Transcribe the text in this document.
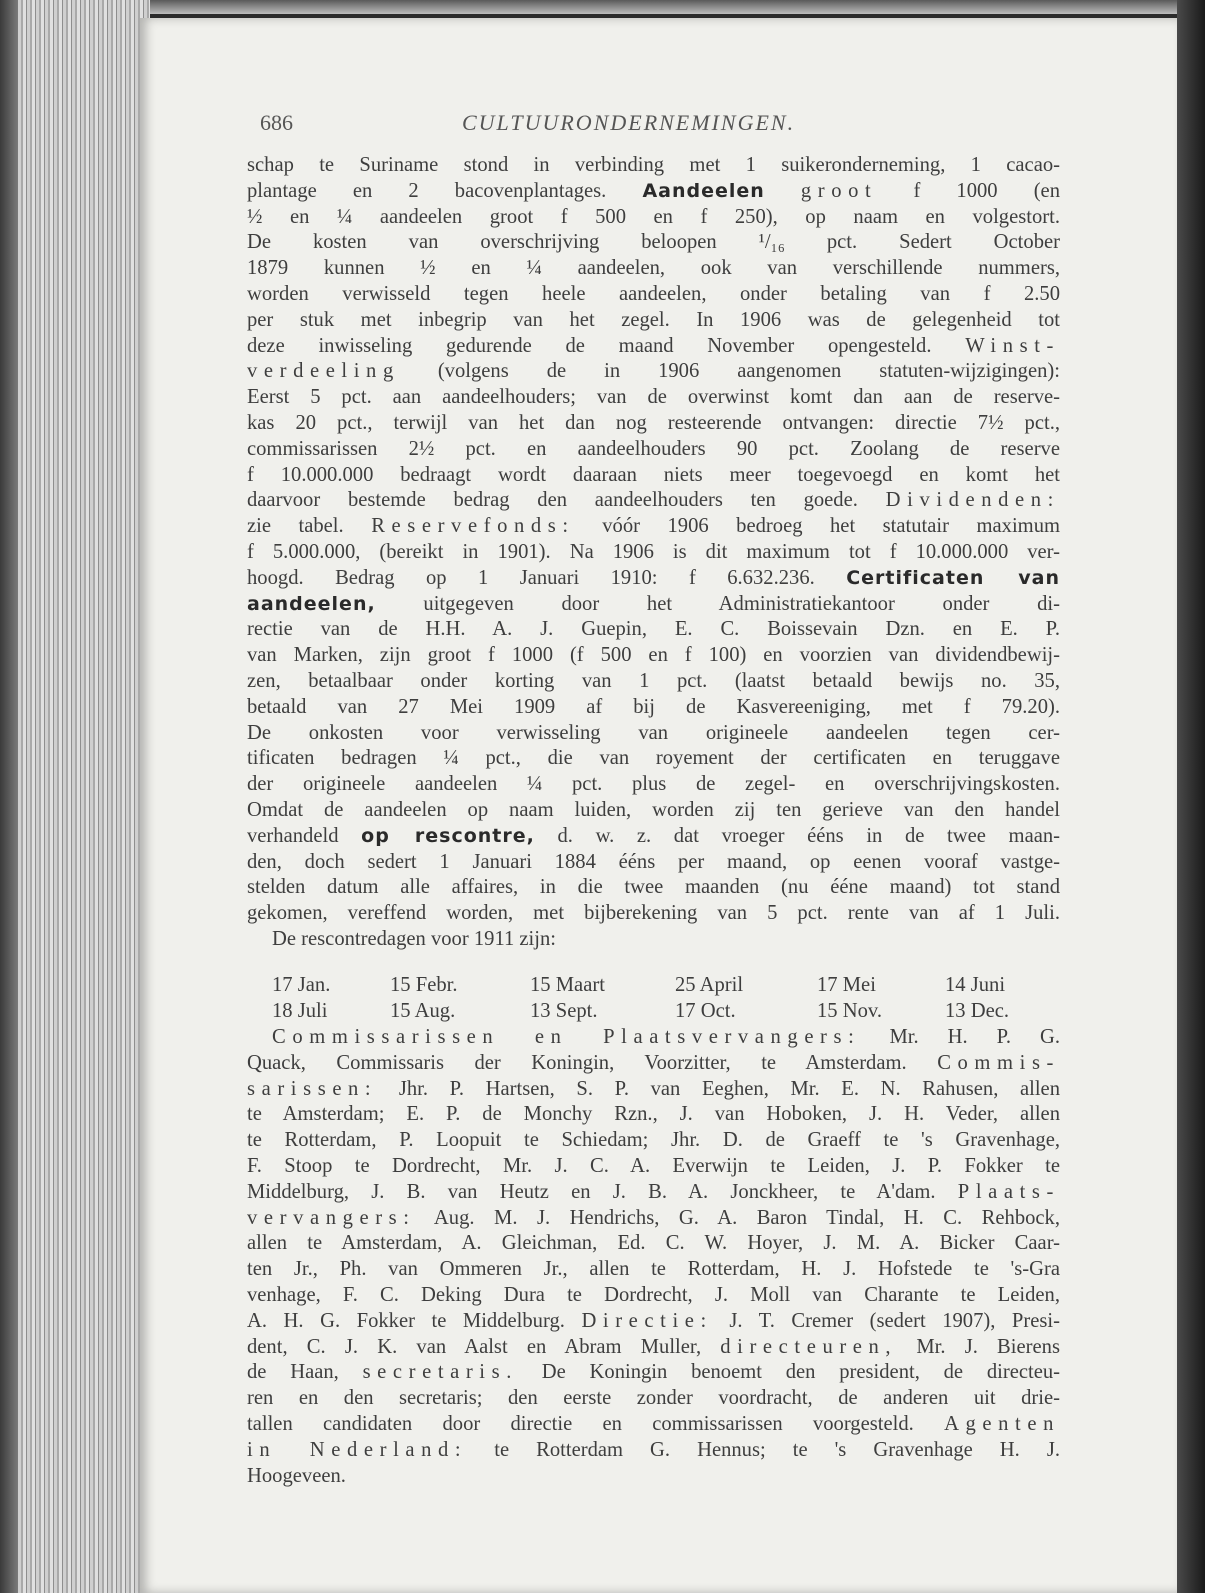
686	CULTUURONDERNEMINGEN.

schap te Suriname stond in verbinding met 1 suikeronderneming, 1 cacao-

plantage en 2 bacovenplantages. Aandeelen groot f 1000 (en

½ en ¼ aandeelen groot f 500 en f 250), op naam en volgestort.

De kosten van overschrijving beloopen ¹/₁₆ pct. Sedert October

1879 kunnen ½ en ¼ aandeelen, ook van verschillende nummers,

worden verwisseld tegen heele aandeelen, onder betaling van f 2.50

per stuk met inbegrip van het zegel. In 1906 was de gelegenheid tot

deze inwisseling gedurende de maand November opengesteld. Winst-

verdeeling (volgens de in 1906 aangenomen statuten-wijzigingen):

Eerst 5 pct. aan aandeelhouders; van de overwinst komt dan aan de reserve-

kas 20 pct., terwijl van het dan nog resteerende ontvangen: directie 7½ pct.,

commissarissen 2½ pct. en aandeelhouders 90 pct. Zoolang de reserve

f 10.000.000 bedraagt wordt daaraan niets meer toegevoegd en komt het

daarvoor bestemde bedrag den aandeelhouders ten goede. Dividenden:

zie tabel. Reservefonds: vóór 1906 bedroeg het statutair maximum

f 5.000.000, (bereikt in 1901). Na 1906 is dit maximum tot f 10.000.000 ver-

hoogd. Bedrag op 1 Januari 1910: f 6.632.236. Certificaten van

aandeelen, uitgegeven door het Administratiekantoor onder di-

rectie van de H.H. A. J. Guepin, E. C. Boissevain Dzn. en E. P.

van Marken, zijn groot f 1000 (f 500 en f 100) en voorzien van dividendbewij-

zen, betaalbaar onder korting van 1 pct. (laatst betaald bewijs no. 35,

betaald van 27 Mei 1909 af bij de Kasvereeniging, met f 79.20).

De onkosten voor verwisseling van origineele aandeelen tegen cer-

tificaten bedragen ¼ pct., die van royement der certificaten en teruggave

der origineele aandeelen ¼ pct. plus de zegel- en overschrijvingskosten.

Omdat de aandeelen op naam luiden, worden zij ten gerieve van den handel

verhandeld op rescontre, d. w. z. dat vroeger ééns in de twee maan-

den, doch sedert 1 Januari 1884 ééns per maand, op eenen vooraf vastge-

stelden datum alle affaires, in die twee maanden (nu ééne maand) tot stand

gekomen, vereffend worden, met bijberekening van 5 pct. rente van af 1 Juli.

De rescontredagen voor 1911 zijn:

17 Jan.	15 Febr.	15 Maart	25 April	17 Mei	14 Juni
18 Juli	15 Aug.	13 Sept.	17 Oct.	15 Nov.	13 Dec.

Commissarissen en Plaatsvervangers: Mr. H. P. G.

Quack, Commissaris der Koningin, Voorzitter, te Amsterdam. Commis-

sarissen: Jhr. P. Hartsen, S. P. van Eeghen, Mr. E. N. Rahusen, allen

te Amsterdam; E. P. de Monchy Rzn., J. van Hoboken, J. H. Veder, allen

te Rotterdam, P. Loopuit te Schiedam; Jhr. D. de Graeff te 's Gravenhage,

F. Stoop te Dordrecht, Mr. J. C. A. Everwijn te Leiden, J. P. Fokker te

Middelburg, J. B. van Heutz en J. B. A. Jonckheer, te A'dam. Plaats-

vervangers: Aug. M. J. Hendrichs, G. A. Baron Tindal, H. C. Rehbock,

allen te Amsterdam, A. Gleichman, Ed. C. W. Hoyer, J. M. A. Bicker Caar-

ten Jr., Ph. van Ommeren Jr., allen te Rotterdam, H. J. Hofstede te 's-Gra

venhage, F. C. Deking Dura te Dordrecht, J. Moll van Charante te Leiden,

A. H. G. Fokker te Middelburg. Directie: J. T. Cremer (sedert 1907), Presi-

dent, C. J. K. van Aalst en Abram Muller, directeuren, Mr. J. Bierens

de Haan, secretaris. De Koningin benoemt den president, de directeu-

ren en den secretaris; den eerste zonder voordracht, de anderen uit drie-

tallen candidaten door directie en commissarissen voorgesteld. Agenten

in Nederland: te Rotterdam G. Hennus; te 's Gravenhage H. J.

Hoogeveen.
